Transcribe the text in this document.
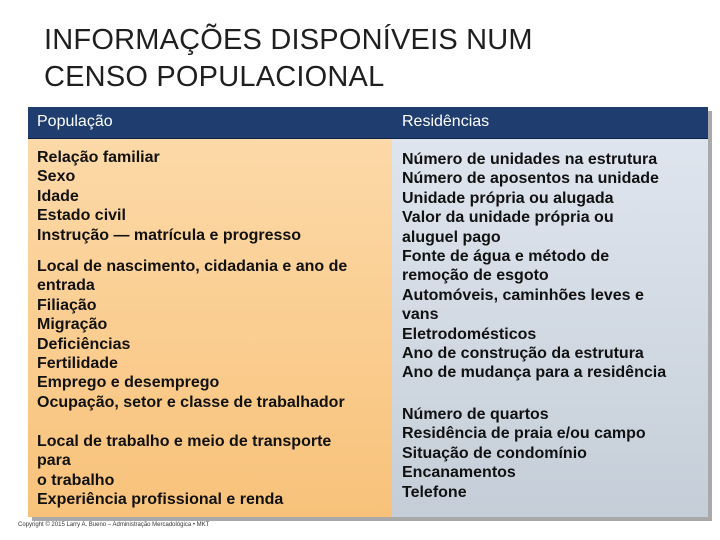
INFORMAÇÕES DISPONÍVEIS NUM
CENSO POPULACIONAL
População	Residências
Relação familiar
Sexo
Idade
Estado civil
Instrução — matrícula e progresso
Local de nascimento, cidadania e ano de
entrada
Filiação
Migração
Deficiências
Fertilidade
Emprego e desemprego
Ocupação, setor e classe de trabalhador
Local de trabalho e meio de transporte
para
o trabalho
Experiência profissional e renda
Número de unidades na estrutura
Número de aposentos na unidade
Unidade própria ou alugada
Valor da unidade própria ou
aluguel pago
Fonte de água e método de
remoção de esgoto
Automóveis, caminhões leves e
vans
Eletrodomésticos
Ano de construção da estrutura
Ano de mudança para a residência
Número de quartos
Residência de praia e/ou campo
Situação de condomínio
Encanamentos
Telefone
Copyright © 2015 Larry A. Bueno – Administração Mercadológica • MKT
